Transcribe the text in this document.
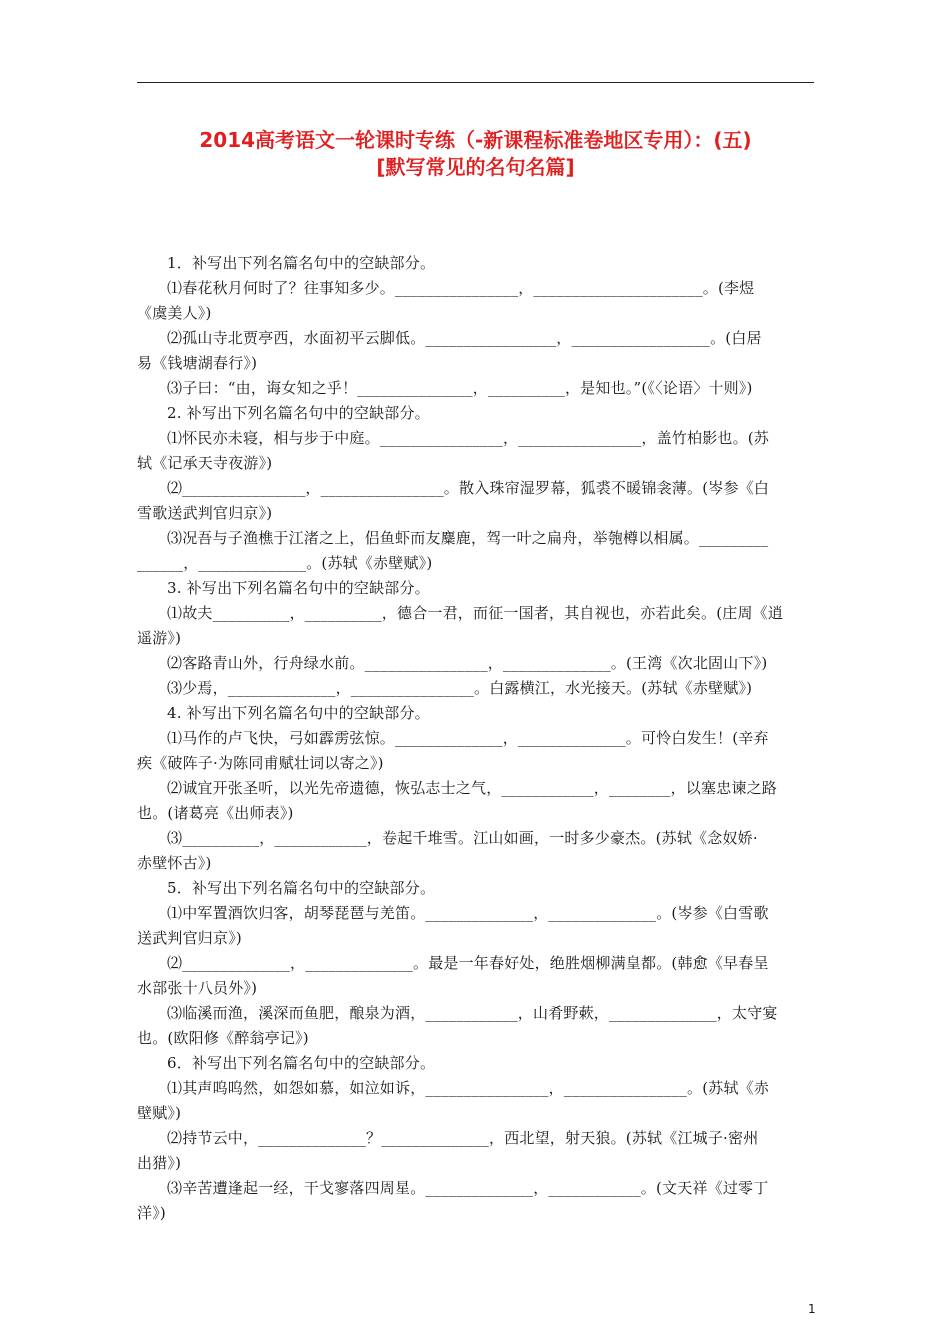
2014高考语文一轮课时专练（-新课程标准卷地区专用）：(五)
[默写常见的名句名篇]

1．补写出下列名篇名句中的空缺部分。

⑴春花秋月何时了？往事知多少。________________，______________________。(李煜

《虞美人》)

⑵孤山寺北贾亭西，水面初平云脚低。_________________，__________________。(白居

易《钱塘湖春行》)

⑶子曰：“由，诲女知之乎！_______________，__________，是知也。”(《〈论语〉十则》)

2. 补写出下列名篇名句中的空缺部分。

⑴怀民亦未寝，相与步于中庭。________________，________________，盖竹柏影也。(苏

轼《记承天寺夜游》)

⑵________________，________________。散入珠帘湿罗幕，狐裘不暖锦衾薄。(岑参《白

雪歌送武判官归京》)

⑶况吾与子渔樵于江渚之上，侣鱼虾而友麋鹿，驾一叶之扁舟，举匏樽以相属。_________

______，______________。(苏轼《赤壁赋》)

3. 补写出下列名篇名句中的空缺部分。

⑴故夫__________，__________，德合一君，而征一国者，其自视也，亦若此矣。(庄周《逍

遥游》)

⑵客路青山外，行舟绿水前。________________，______________。(王湾《次北固山下》)

⑶少焉，______________，________________。白露横江，水光接天。(苏轼《赤壁赋》)

4. 补写出下列名篇名句中的空缺部分。

⑴马作的卢飞快，弓如霹雳弦惊。______________，______________。可怜白发生！(辛弃

疾《破阵子·为陈同甫赋壮词以寄之》)

⑵诚宜开张圣听，以光先帝遗德，恢弘志士之气，____________，________，以塞忠谏之路

也。(诸葛亮《出师表》)

⑶__________，____________，卷起千堆雪。江山如画，一时多少豪杰。(苏轼《念奴娇·

赤壁怀古》)

5．补写出下列名篇名句中的空缺部分。

⑴中军置酒饮归客，胡琴琵琶与羌笛。______________，______________。(岑参《白雪歌

送武判官归京》)

⑵______________，______________。最是一年春好处，绝胜烟柳满皇都。(韩愈《早春呈

水部张十八员外》)

⑶临溪而渔，溪深而鱼肥，酿泉为酒，____________，山肴野蔌，______________，太守宴

也。(欧阳修《醉翁亭记》)

6．补写出下列名篇名句中的空缺部分。

⑴其声呜呜然，如怨如慕，如泣如诉，________________，________________。(苏轼《赤

壁赋》)

⑵持节云中，______________？______________，西北望，射天狼。(苏轼《江城子·密州

出猎》)

⑶辛苦遭逢起一经，干戈寥落四周星。______________，____________。(文天祥《过零丁

洋》)

1
